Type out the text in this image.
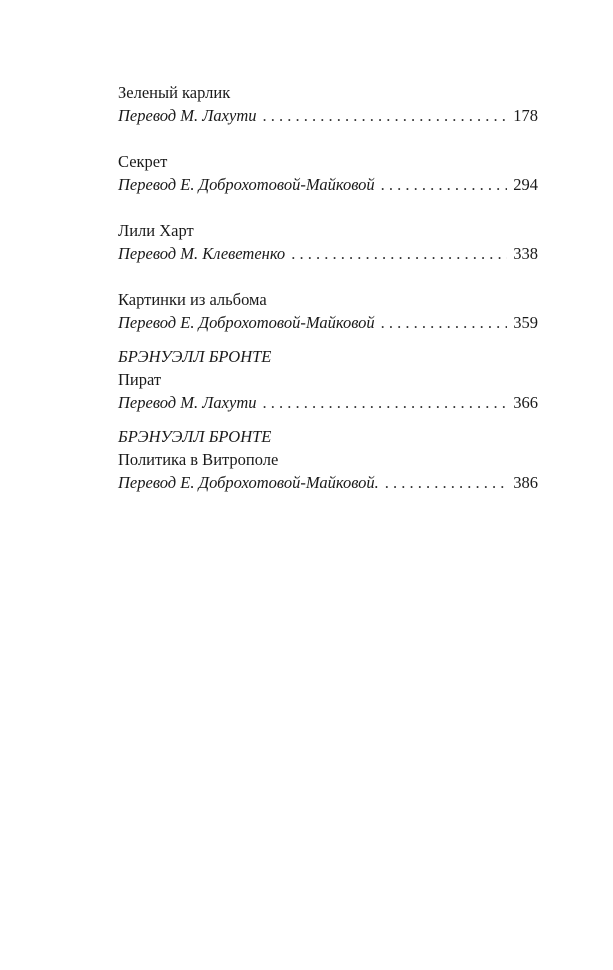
Зеленый карлик
Перевод М. Лахути . . .	178
Секрет
Перевод Е. Доброхотовой-Майковой . . .	294
Лили Харт
Перевод М. Клеветенко . . .	338
Картинки из альбома
Перевод Е. Доброхотовой-Майковой . . .	359
БРЭНУЭЛЛ БРОНТЕ
Пират
Перевод М. Лахути . . .	366
БРЭНУЭЛЛ БРОНТЕ
Политика в Витрополе
Перевод Е. Доброхотовой-Майковой. . . .	386
